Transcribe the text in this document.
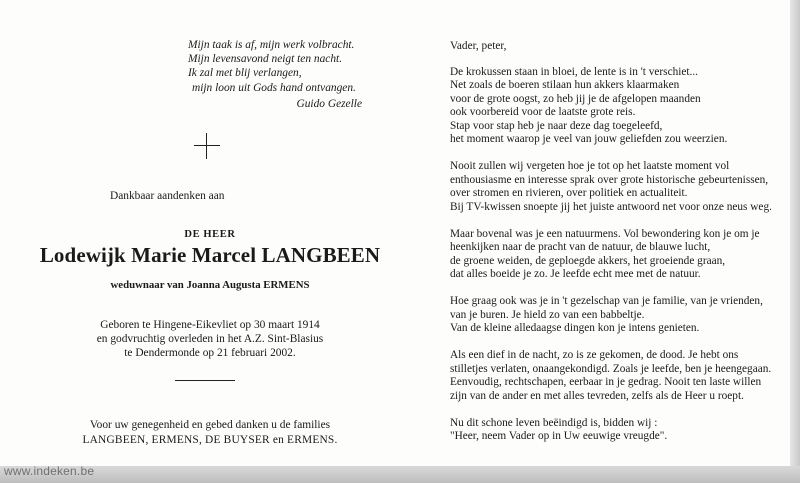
Mijn taak is af, mijn werk volbracht.
Mijn levensavond neigt ten nacht.
Ik zal met blij verlangen,
mijn loon uit Gods hand ontvangen.
Guido Gezelle
Dankbaar aandenken aan
DE HEER
Lodewijk Marie Marcel LANGBEEN
weduwnaar van Joanna Augusta ERMENS
Geboren te Hingene-Eikevliet op 30 maart 1914
en godvruchtig overleden in het A.Z. Sint-Blasius
te Dendermonde op 21 februari 2002.
Voor uw genegenheid en gebed danken u de families
LANGBEEN, ERMENS, DE BUYSER en ERMENS.
Vader, peter,
De krokussen staan in bloei, de lente is in 't verschiet...
Net zoals de boeren stilaan hun akkers klaarmaken
voor de grote oogst, zo heb jij je de afgelopen maanden
ook voorbereid voor de laatste grote reis.
Stap voor stap heb je naar deze dag toegeleefd,
het moment waarop je veel van jouw geliefden zou weerzien.
Nooit zullen wij vergeten hoe je tot op het laatste moment vol
enthousiasme en interesse sprak over grote historische gebeurtenissen,
over stromen en rivieren, over politiek en actualiteit.
Bij TV-kwissen snoepte jij het juiste antwoord net voor onze neus weg.
Maar bovenal was je een natuurmens. Vol bewondering kon je om je
heenkijken naar de pracht van de natuur, de blauwe lucht,
de groene weiden, de geploegde akkers, het groeiende graan,
dat alles boeide je zo. Je leefde echt mee met de natuur.
Hoe graag ook was je in 't gezelschap van je familie, van je vrienden,
van je buren. Je hield zo van een babbeltje.
Van de kleine alledaagse dingen kon je intens genieten.
Als een dief in de nacht, zo is ze gekomen, de dood. Je hebt ons
stilletjes verlaten, onaangekondigd. Zoals je leefde, ben je heengegaan.
Eenvoudig, rechtschapen, eerbaar in je gedrag. Nooit ten laste willen
zijn van de ander en met alles tevreden, zelfs als de Heer u roept.
Nu dit schone leven beëindigd is, bidden wij :
"Heer, neem Vader op in Uw eeuwige vreugde".
www.indeken.be
